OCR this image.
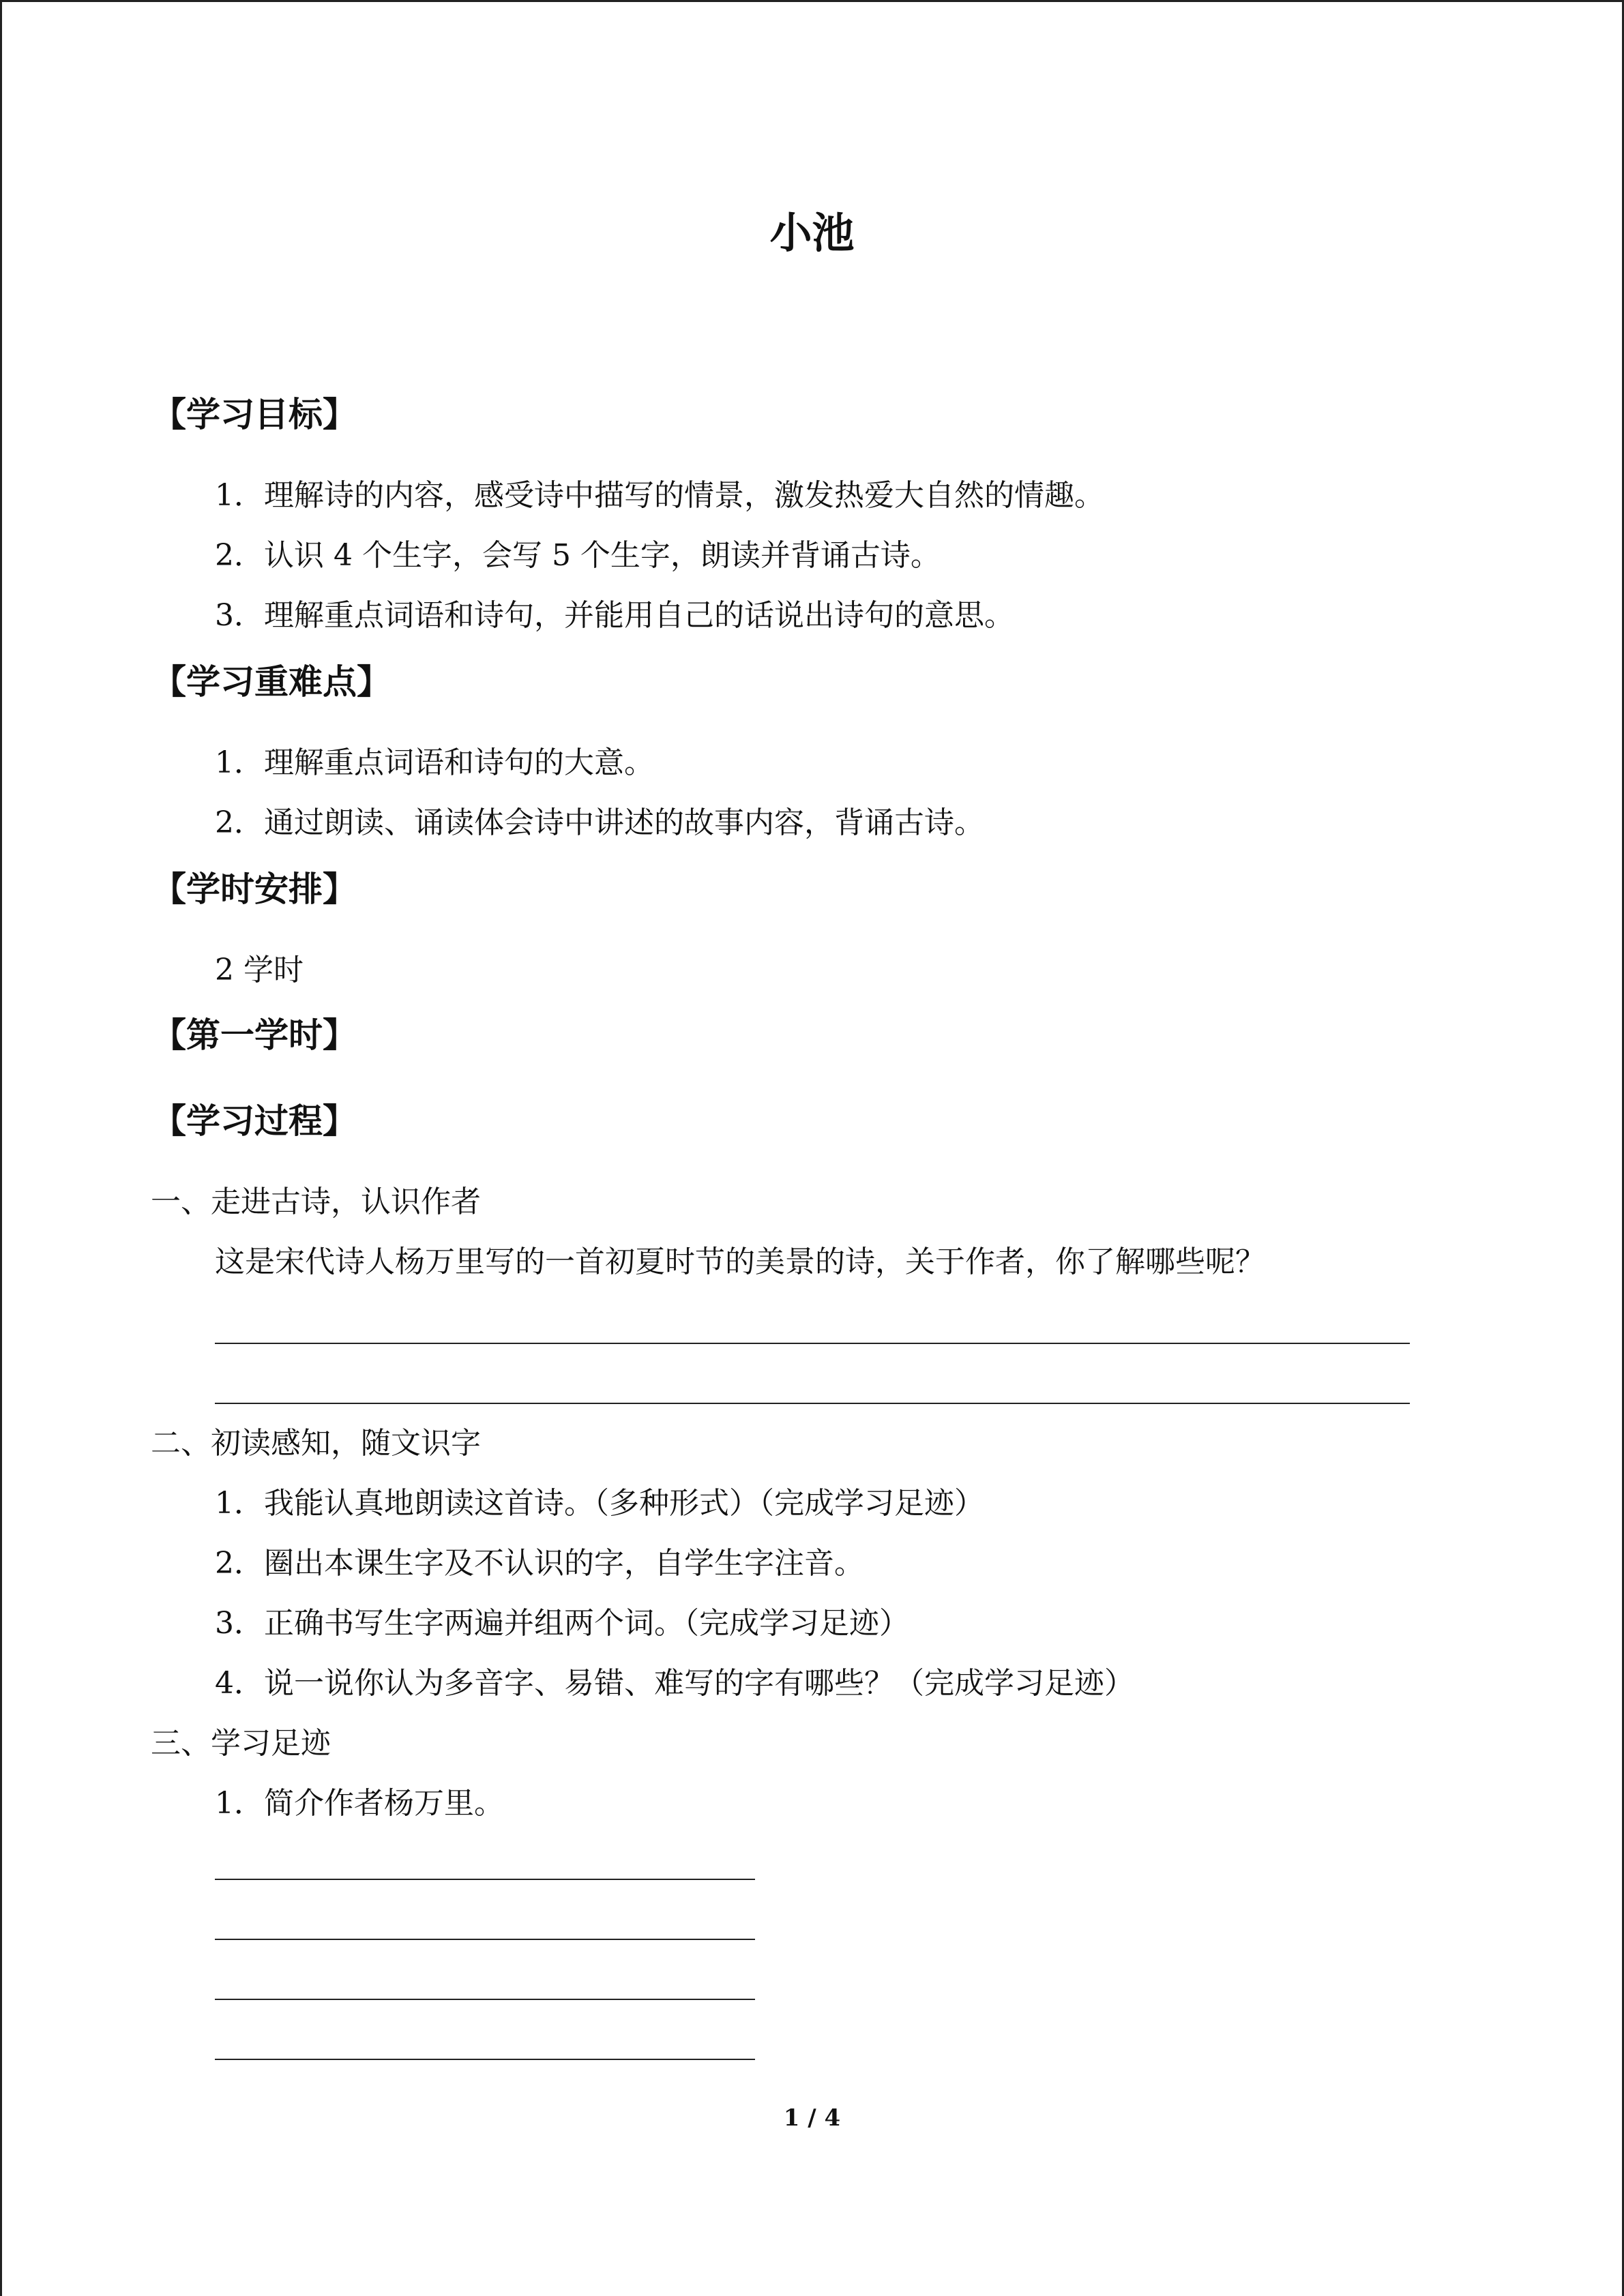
小池
【学习目标】
1．理解诗的内容，感受诗中描写的情景，激发热爱大自然的情趣。
2．认识 4 个生字，会写 5 个生字，朗读并背诵古诗。
3．理解重点词语和诗句，并能用自己的话说出诗句的意思。
【学习重难点】
1．理解重点词语和诗句的大意。
2．通过朗读、诵读体会诗中讲述的故事内容，背诵古诗。
【学时安排】
2 学时
【第一学时】
【学习过程】
一、走进古诗，认识作者
这是宋代诗人杨万里写的一首初夏时节的美景的诗，关于作者，你了解哪些呢？
二、初读感知，随文识字
1．我能认真地朗读这首诗。（多种形式）（完成学习足迹）
2．圈出本课生字及不认识的字，自学生字注音。
3．正确书写生字两遍并组两个词。（完成学习足迹）
4．说一说你认为多音字、易错、难写的字有哪些？（完成学习足迹）
三、学习足迹
1．简介作者杨万里。
1 / 4
